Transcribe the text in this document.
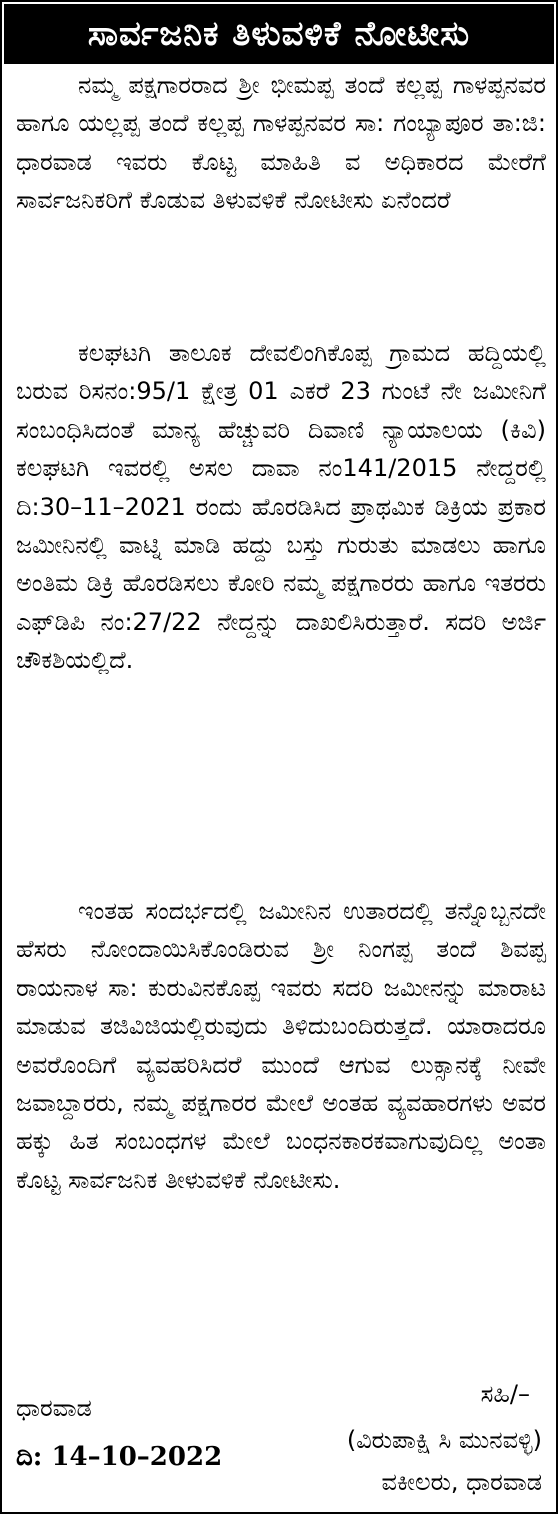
ಸಾರ್ವಜನಿಕ ತಿಳುವಳಿಕೆ ನೋಟೀಸು

ನಮ್ಮ ಪಕ್ಷಗಾರರಾದ ಶ್ರೀ ಭೀಮಪ್ಪ ತಂದೆ ಕಲ್ಲಪ್ಪ ಗಾಳಪ್ಪನವರ ಹಾಗೂ ಯಲ್ಲಪ್ಪ ತಂದೆ ಕಲ್ಲಪ್ಪ ಗಾಳಪ್ಪನವರ ಸಾ: ಗಂಬ್ಯಾಪೂರ ತಾ:ಜಿ: ಧಾರವಾಡ ಇವರು ಕೊಟ್ಟ ಮಾಹಿತಿ ವ ಅಧಿಕಾರದ ಮೇರೆಗೆ ಸಾರ್ವಜನಿಕರಿಗೆ ಕೊಡುವ ತಿಳುವಳಿಕೆ ನೋಟೀಸು ಏನೆಂದರೆ

ಕಲಘಟಗಿ ತಾಲೂಕ ದೇವಲಿಂಗಿಕೊಪ್ಪ ಗ್ರಾಮದ ಹದ್ದಿಯಲ್ಲಿ ಬರುವ ರಿಸನಂ:95/1 ಕ್ಷೇತ್ರ 01 ಎಕರೆ 23 ಗುಂಟೆ ನೇ ಜಮೀನಿಗೆ ಸಂಬಂಧಿಸಿದಂತೆ ಮಾನ್ಯ ಹೆಚ್ಚುವರಿ ದಿವಾಣಿ ನ್ಯಾಯಾಲಯ (ಕಿವಿ) ಕಲಘಟಗಿ ಇವರಲ್ಲಿ ಅಸಲ ದಾವಾ ನಂ141/2015 ನೇದ್ದರಲ್ಲಿ ದಿ:30–11–2021 ರಂದು ಹೊರಡಿಸಿದ ಪ್ರಾಥಮಿಕ ಡಿಕ್ರಿಯ ಪ್ರಕಾರ ಜಮೀನಿನಲ್ಲಿ ವಾಟ್ನಿ ಮಾಡಿ ಹದ್ದು ಬಸ್ತು ಗುರುತು ಮಾಡಲು ಹಾಗೂ ಅಂತಿಮ ಡಿಕ್ರಿ ಹೊರಡಿಸಲು ಕೋರಿ ನಮ್ಮ ಪಕ್ಷಗಾರರು ಹಾಗೂ ಇತರರು ಎಫ್‌ಡಿಪಿ ನಂ:27/22 ನೇದ್ದನ್ನು ದಾಖಲಿಸಿರುತ್ತಾರೆ. ಸದರಿ ಅರ್ಜಿ ಚೌಕಶಿಯಲ್ಲಿದೆ.

ಇಂತಹ ಸಂದರ್ಭದಲ್ಲಿ ಜಮೀನಿನ ಉತಾರದಲ್ಲಿ ತನ್ನೊಬ್ಬನದೇ ಹೆಸರು ನೋಂದಾಯಿಸಿಕೊಂಡಿರುವ ಶ್ರೀ ನಿಂಗಪ್ಪ ತಂದೆ ಶಿವಪ್ಪ ರಾಯನಾಳ ಸಾ: ಕುರುವಿನಕೊಪ್ಪ ಇವರು ಸದರಿ ಜಮೀನನ್ನು ಮಾರಾಟ ಮಾಡುವ ತಜಿವಿಜಿಯಲ್ಲಿರುವುದು ತಿಳಿದುಬಂದಿರುತ್ತದೆ. ಯಾರಾದರೂ ಅವರೊಂದಿಗೆ ವ್ಯವಹರಿಸಿದರೆ ಮುಂದೆ ಆಗುವ ಲುಕ್ಸಾನಕ್ಕೆ ನೀವೇ ಜವಾಬ್ದಾರರು, ನಮ್ಮ ಪಕ್ಷಗಾರರ ಮೇಲೆ ಅಂತಹ ವ್ಯವಹಾರಗಳು ಅವರ ಹಕ್ಕು ಹಿತ ಸಂಬಂಧಗಳ ಮೇಲೆ ಬಂಧನಕಾರಕವಾಗುವುದಿಲ್ಲ ಅಂತಾ ಕೊಟ್ಟ ಸಾರ್ವಜನಿಕ ತೀಳುವಳಿಕೆ ನೋಟೀಸು.

ಧಾರವಾಡ
ದಿ: 14–10–2022
ಸಹಿ/–
(ವಿರುಪಾಕ್ಷಿ ಸಿ ಮುನವಳ್ಳಿ)
ವಕೀಲರು, ಧಾರವಾಡ
